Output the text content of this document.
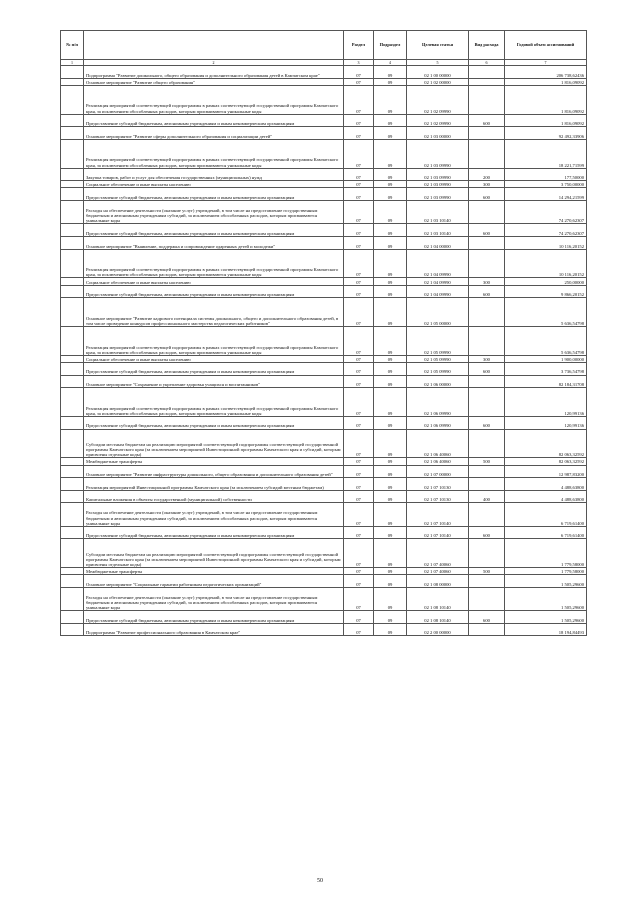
№ п/п		Раздел	Подраздел	Целевая статья	Вид расхода	Годовой объем ассигнований
1	2	3	4	5	6	7
	Подпрограмма "Развитие дошкольного, общего образования и дополнительного образования детей в Камчатском крае"	07	09	02 1 00 00000		206 738,62436
	Основное мероприятие "Развитие общего образования"	07	09	02 1 02 00000		1 816,09092
	Реализация мероприятий соответствующей подпрограммы в рамках соответствующей государственной программы Камчатского края, за исключением обособленных расходов, которым присваиваются уникальные коды	07	09	02 1 02 09990		1 816,09092
	Предоставление субсидий бюджетным, автономным учреждениям и иным некоммерческим организациям	07	09	02 1 02 09990	600	1 816,09092
	Основное мероприятие "Развитие сферы дополнительного образования и социализации детей"	07	09	02 1 03 00000		92 492,33906
	Реализация мероприятий соответствующей подпрограммы в рамках соответствующей государственной программы Камчатского края, за исключением обособленных расходов, которым присваиваются уникальные коды	07	09	02 1 03 09990		18 221,71599
	Закупка товаров, работ и услуг для обеспечения государственных (муниципальных) нужд	07	09	02 1 03 09990	200	177,50000
	Социальное обеспечение и иные выплаты населению	07	09	02 1 03 09990	300	3 750,00000
	Предоставление субсидий бюджетным, автономным учреждениям и иным некоммерческим организациям	07	09	02 1 03 09990	600	14 294,21599
	Расходы на обеспечение деятельности (оказание услуг) учреждений, в том числе на предоставление государственным бюджетным и автономным учреждениям субсидий, за исключением обособленных расходов, которым присваиваются уникальные коды	07	09	02 1 03 10140		74 270,62307
	Предоставление субсидий бюджетным, автономным учреждениям и иным некоммерческим организациям	07	09	02 1 03 10140	600	74 270,62307
	Основное мероприятие "Выявление, поддержка и сопровождение одаренных детей и молодежи"	07	09	02 1 04 00000		10 116,20152
	Реализация мероприятий соответствующей подпрограммы в рамках соответствующей государственной программы Камчатского края, за исключением обособленных расходов, которым присваиваются уникальные коды	07	09	02 1 04 09990		10 116,20152
	Социальное обеспечение и иные выплаты населению	07	09	02 1 04 09990	300	250,00000
	Предоставление субсидий бюджетным, автономным учреждениям и иным некоммерческим организациям	07	09	02 1 04 09990	600	9 866,20152
	Основное мероприятие "Развитие кадрового потенциала системы дошкольного, общего и дополнительного образования детей, в том числе проведение конкурсов профессионального мастерства педагогических работников"	07	09	02 1 05 00000		5 636,54798
	Реализация мероприятий соответствующей подпрограммы в рамках соответствующей государственной программы Камчатского края, за исключением обособленных расходов, которым присваиваются уникальные коды	07	09	02 1 05 09990		5 636,54798
	Социальное обеспечение и иные выплаты населению	07	09	02 1 05 09990	300	1 900,00000
	Предоставление субсидий бюджетным, автономным учреждениям и иным некоммерческим организациям	07	09	02 1 05 09990	600	3 736,54798
	Основное мероприятие "Сохранение и укрепление здоровья учащихся и воспитанников"	07	09	02 1 06 00000		82 184,31708
	Реализация мероприятий соответствующей подпрограммы в рамках соответствующей государственной программы Камчатского края, за исключением обособленных расходов, которым присваиваются уникальные коды	07	09	02 1 06 09990		120,99136
	Предоставление субсидий бюджетным, автономным учреждениям и иным некоммерческим организациям	07	09	02 1 06 09990	600	120,99136
	Субсидии местным бюджетам на реализацию мероприятий соответствующей подпрограммы соответствующей государственной программы Камчатского края (за исключением мероприятий Инвестиционной программы Камчатского края и субсидий, которым присвоены отдельные коды)	07	09	02 1 06 40060		82 063,32592
	Межбюджетные трансферты	07	09	02 1 06 40060	500	82 063,32592
	Основное мероприятие "Развитие инфраструктуры дошкольного, общего образования и дополнительного образования детей"	07	09	02 1 07 00000		12 987,83200
	Реализация мероприятий Инвестиционной программы Камчатского края (за исключением субсидий местным бюджетам)	07	09	02 1 07 10130		4 488,63800
	Капитальные вложения в объекты государственной (муниципальной) собственности	07	09	02 1 07 10130	400	4 488,63800
	Расходы на обеспечение деятельности (оказание услуг) учреждений, в том числе на предоставление государственным бюджетным и автономным учреждениям субсидий, за исключением обособленных расходов, которым присваиваются уникальные коды	07	09	02 1 07 10140		6 719,61400
	Предоставление субсидий бюджетным, автономным учреждениям и иным некоммерческим организациям	07	09	02 1 07 10140	600	6 719,61400
	Субсидии местным бюджетам на реализацию мероприятий соответствующей подпрограммы соответствующей государственной программы Камчатского края (за исключением мероприятий Инвестиционной программы Камчатского края и субсидий, которым присвоены отдельные коды)	07	09	02 1 07 40060		1 779,58000
	Межбюджетные трансферты	07	09	02 1 07 40060	500	1 779,58000
	Основное мероприятие "Социальные гарантии работникам педагогических организаций"	07	09	02 1 08 00000		1 505,29600
	Расходы на обеспечение деятельности (оказание услуг) учреждений, в том числе на предоставление государственным бюджетным и автономным учреждениям субсидий, за исключением обособленных расходов, которым присваиваются уникальные коды	07	09	02 1 08 10140		1 505,29600
	Предоставление субсидий бюджетным, автономным учреждениям и иным некоммерческим организациям	07	09	02 1 08 10140	600	1 505,29600
	Подпрограмма "Развитие профессионального образования в Камчатском крае"	07	09	02 2 00 00000		18 194,84493
50
